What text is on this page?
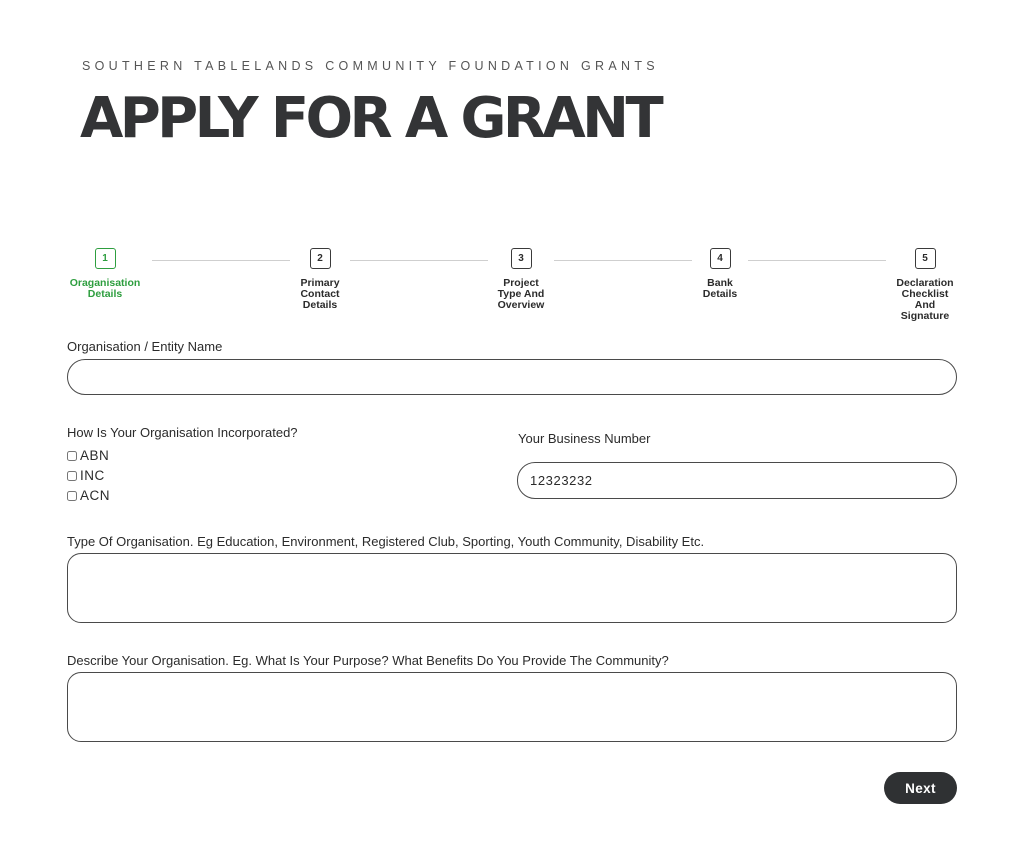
SOUTHERN TABLELANDS COMMUNITY FOUNDATION GRANTS
APPLY FOR A GRANT
1
Oraganisation
Details
2
Primary
Contact
Details
3
Project
Type And
Overview
4
Bank
Details
5
Declaration
Checklist
And
Signature
Organisation / Entity Name
How Is Your Organisation Incorporated?
ABN
INC
ACN
Your Business Number
12323232
Type Of Organisation. Eg Education, Environment, Registered Club, Sporting, Youth Community, Disability Etc.
Describe Your Organisation. Eg. What Is Your Purpose? What Benefits Do You Provide The Community?
Next
